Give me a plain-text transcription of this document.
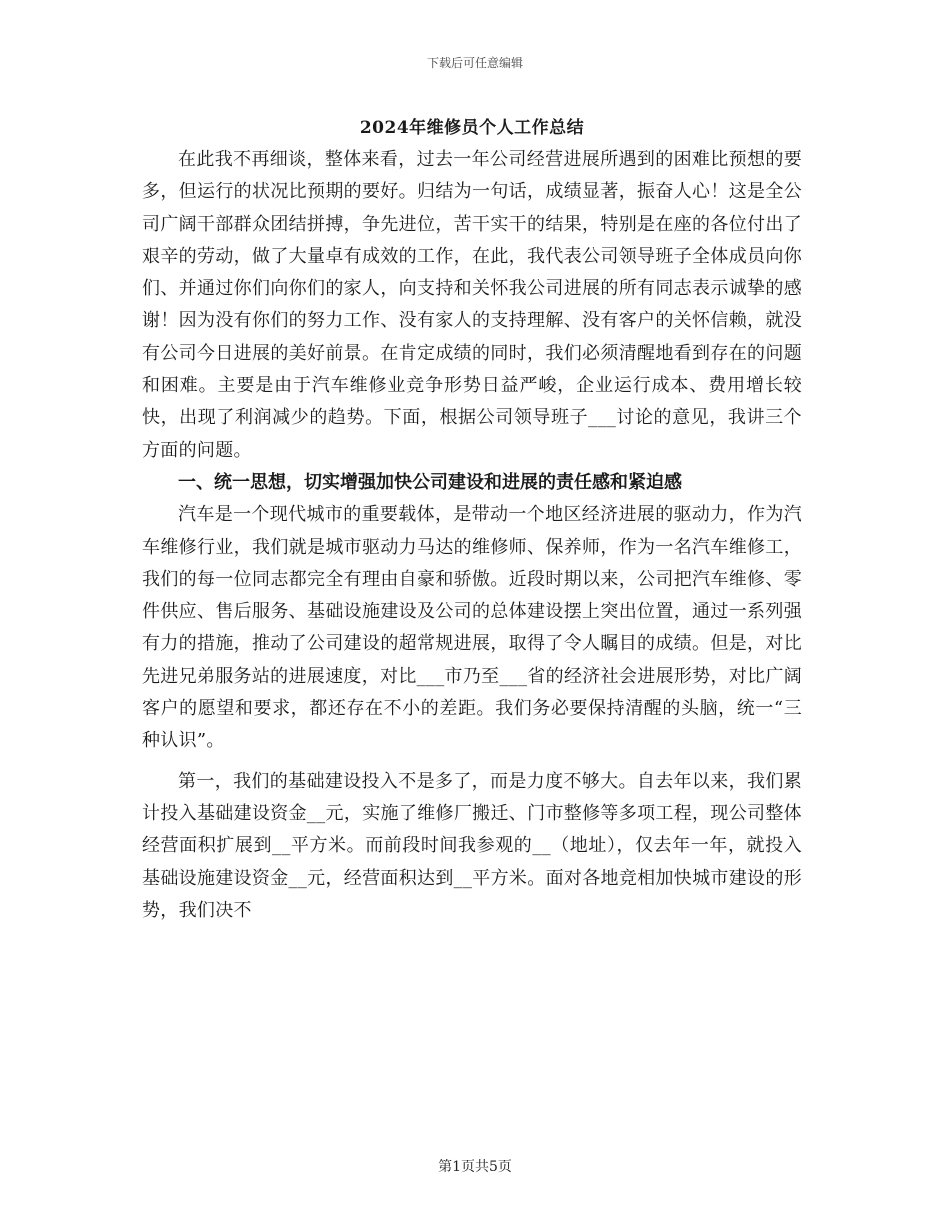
下载后可任意编辑
2024年维修员个人工作总结

在此我不再细谈，整体来看，过去一年公司经营进展所遇到的困难比预想的要多，但运行的状况比预期的要好。归结为一句话，成绩显著，振奋人心！这是全公司广阔干部群众团结拼搏，争先进位，苦干实干的结果，特别是在座的各位付出了艰辛的劳动，做了大量卓有成效的工作，在此，我代表公司领导班子全体成员向你们、并通过你们向你们的家人，向支持和关怀我公司进展的所有同志表示诚挚的感谢！因为没有你们的努力工作、没有家人的支持理解、没有客户的关怀信赖，就没有公司今日进展的美好前景。在肯定成绩的同时，我们必须清醒地看到存在的问题和困难。主要是由于汽车维修业竞争形势日益严峻，企业运行成本、费用增长较快，出现了利润减少的趋势。下面，根据公司领导班子___讨论的意见，我讲三个方面的问题。

一、统一思想，切实增强加快公司建设和进展的责任感和紧迫感

汽车是一个现代城市的重要载体，是带动一个地区经济进展的驱动力，作为汽车维修行业，我们就是城市驱动力马达的维修师、保养师，作为一名汽车维修工，我们的每一位同志都完全有理由自豪和骄傲。近段时期以来，公司把汽车维修、零件供应、售后服务、基础设施建设及公司的总体建设摆上突出位置，通过一系列强有力的措施，推动了公司建设的超常规进展，取得了令人瞩目的成绩。但是，对比先进兄弟服务站的进展速度，对比___市乃至___省的经济社会进展形势，对比广阔客户的愿望和要求，都还存在不小的差距。我们务必要保持清醒的头脑，统一“三种认识”。

第一，我们的基础建设投入不是多了，而是力度不够大。自去年以来，我们累计投入基础建设资金__元，实施了维修厂搬迁、门市整修等多项工程，现公司整体经营面积扩展到__平方米。而前段时间我参观的__（地址），仅去年一年，就投入基础设施建设资金__元，经营面积达到__平方米。面对各地竞相加快城市建设的形势，我们决不

第1页共5页
